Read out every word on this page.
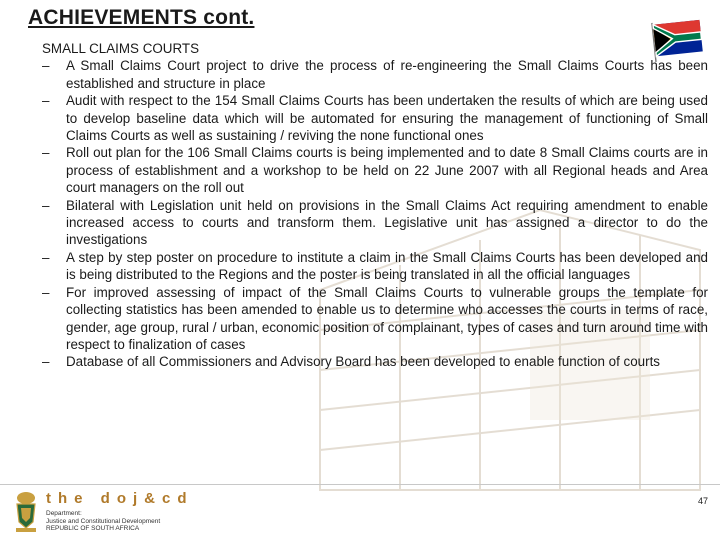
ACHIEVEMENTS cont.
SMALL CLAIMS COURTS
– A Small Claims Court project to drive the process of re-engineering the Small Claims Courts has been established and structure in place
– Audit with respect to the 154 Small Claims Courts has been undertaken the results of which are being used to develop baseline data which will be automated for ensuring the management of functioning of Small Claims Courts as well as sustaining / reviving the none functional ones
– Roll out plan for the 106 Small Claims courts is being implemented and to date 8 Small Claims courts are in process of establishment and a workshop to be held on 22 June 2007 with all Regional heads and Area court managers on the roll out
– Bilateral with Legislation unit held on provisions in the Small Claims Act requiring amendment to enable increased access to courts and transform them. Legislative unit has assigned a director to do the investigations
– A step by step poster on procedure to institute a claim in the Small Claims Courts has been developed and is being distributed to the Regions and the poster is being translated in all the official languages
– For improved assessing of impact of the Small Claims Courts to vulnerable groups the template for collecting statistics has been amended to enable us to determine who accesses the courts in terms of race, gender, age group, rural / urban, economic position of complainant, types of cases and turn around time with respect to finalization of cases
– Database of all Commissioners and Advisory Board has been developed to enable function of courts
the doj&cd
Department:
Justice and Constitutional Development
REPUBLIC OF SOUTH AFRICA
47
